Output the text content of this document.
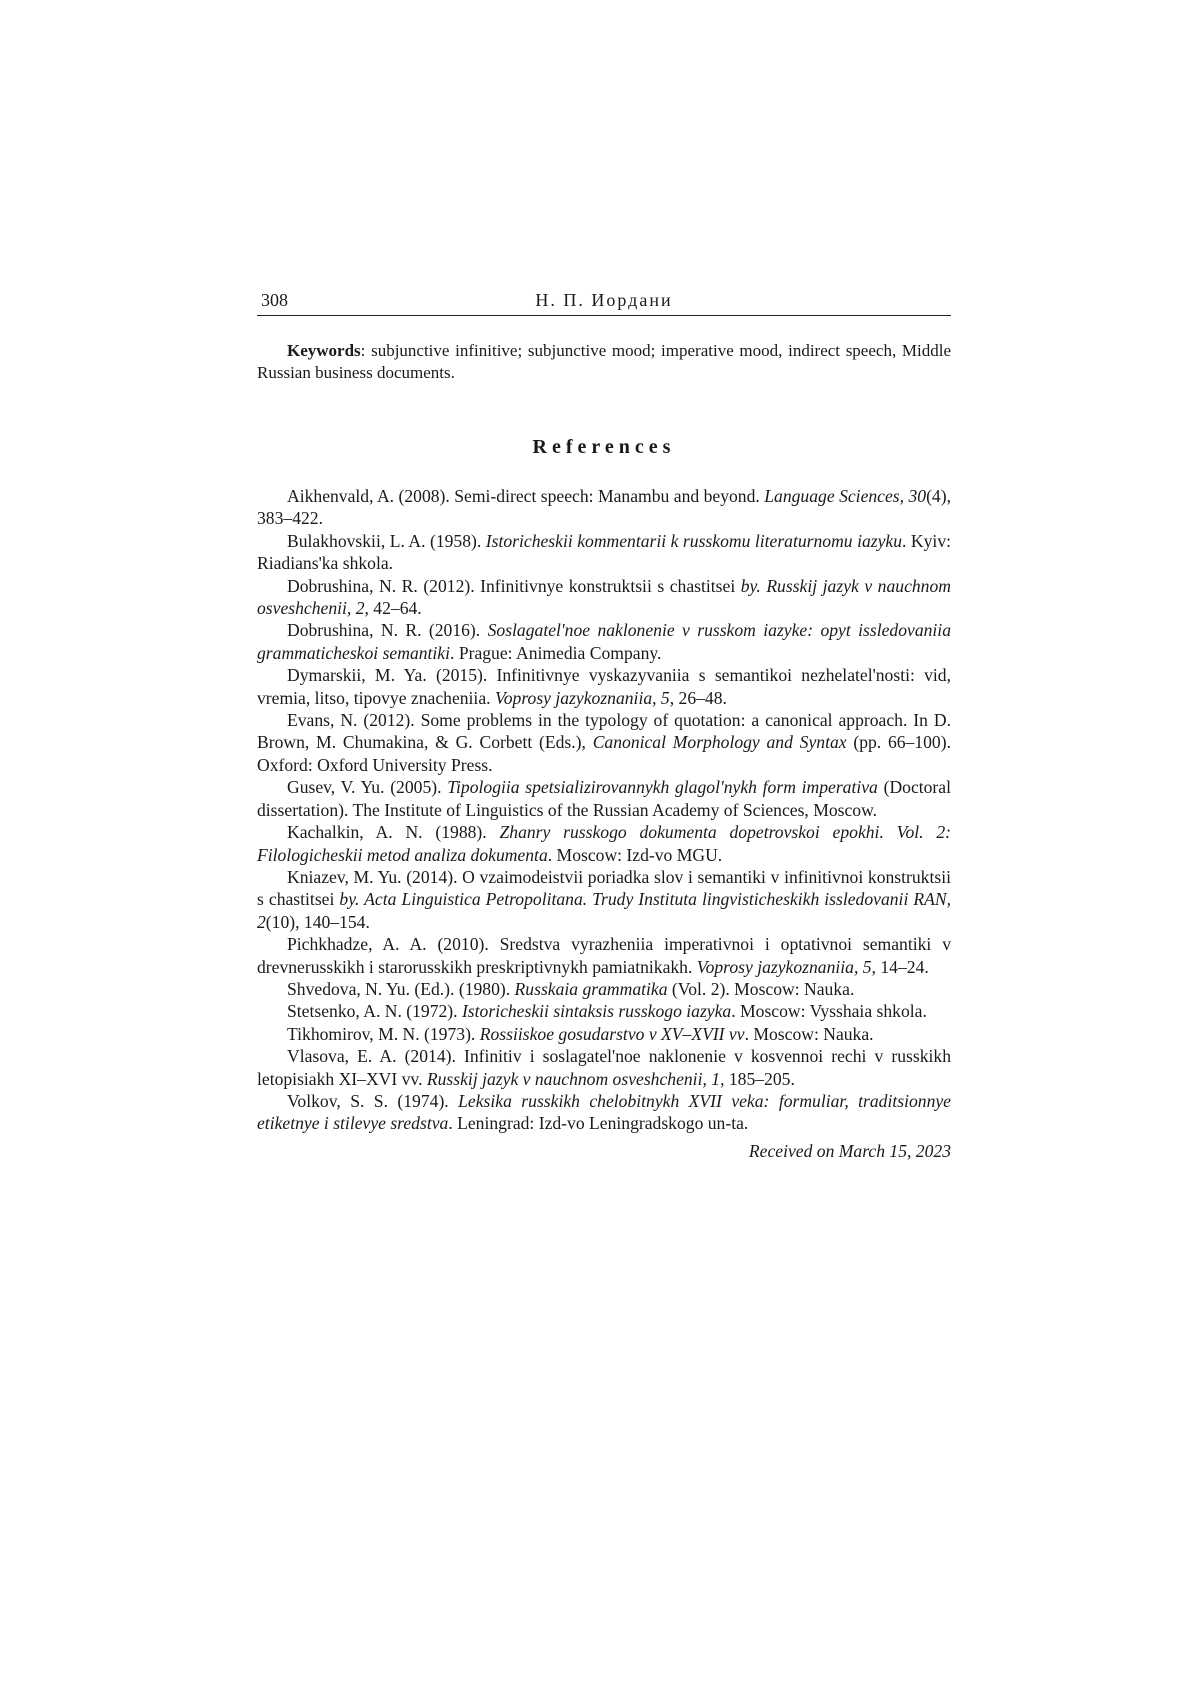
308	Н. П. Иордани

Keywords: subjunctive infinitive; subjunctive mood; imperative mood, indirect speech, Middle Russian business documents.

References

Aikhenvald, A. (2008). Semi-direct speech: Manambu and beyond. Language Sciences, 30(4), 383–422.

Bulakhovskii, L. A. (1958). Istoricheskii kommentarii k russkomu literaturnomu iazyku. Kyiv: Riadians'ka shkola.

Dobrushina, N. R. (2012). Infinitivnye konstruktsii s chastitsei by. Russkij jazyk v nauchnom osveshchenii, 2, 42–64.

Dobrushina, N. R. (2016). Soslagatel'noe naklonenie v russkom iazyke: opyt issledovaniia grammaticheskoi semantiki. Prague: Animedia Company.

Dymarskii, M. Ya. (2015). Infinitivnye vyskazyvaniia s semantikoi nezhelatel'nosti: vid, vremia, litso, tipovye znacheniia. Voprosy jazykoznaniia, 5, 26–48.

Evans, N. (2012). Some problems in the typology of quotation: a canonical approach. In D. Brown, M. Chumakina, & G. Corbett (Eds.), Canonical Morphology and Syntax (pp. 66–100). Oxford: Oxford University Press.

Gusev, V. Yu. (2005). Tipologiia spetsializirovannykh glagol'nykh form imperativa (Doctoral dissertation). The Institute of Linguistics of the Russian Academy of Sciences, Moscow.

Kachalkin, A. N. (1988). Zhanry russkogo dokumenta dopetrovskoi epokhi. Vol. 2: Filologicheskii metod analiza dokumenta. Moscow: Izd-vo MGU.

Kniazev, M. Yu. (2014). O vzaimodeistvii poriadka slov i semantiki v infinitivnoi konstruktsii s chastitsei by. Acta Linguistica Petropolitana. Trudy Instituta lingvisticheskikh issledovanii RAN, 2(10), 140–154.

Pichkhadze, A. A. (2010). Sredstva vyrazheniia imperativnoi i optativnoi semantiki v drevnerusskikh i starorusskikh preskriptivnykh pamiatnikakh. Voprosy jazykoznaniia, 5, 14–24.

Shvedova, N. Yu. (Ed.). (1980). Russkaia grammatika (Vol. 2). Moscow: Nauka.

Stetsenko, A. N. (1972). Istoricheskii sintaksis russkogo iazyka. Moscow: Vysshaia shkola.

Tikhomirov, M. N. (1973). Rossiiskoe gosudarstvo v XV–XVII vv. Moscow: Nauka.

Vlasova, E. A. (2014). Infinitiv i soslagatel'noe naklonenie v kosvennoi rechi v russkikh letopisiakh XI–XVI vv. Russkij jazyk v nauchnom osveshchenii, 1, 185–205.

Volkov, S. S. (1974). Leksika russkikh chelobitnykh XVII veka: formuliar, traditsionnye etiketnye i stilevye sredstva. Leningrad: Izd-vo Leningradskogo un-ta.

Received on March 15, 2023
